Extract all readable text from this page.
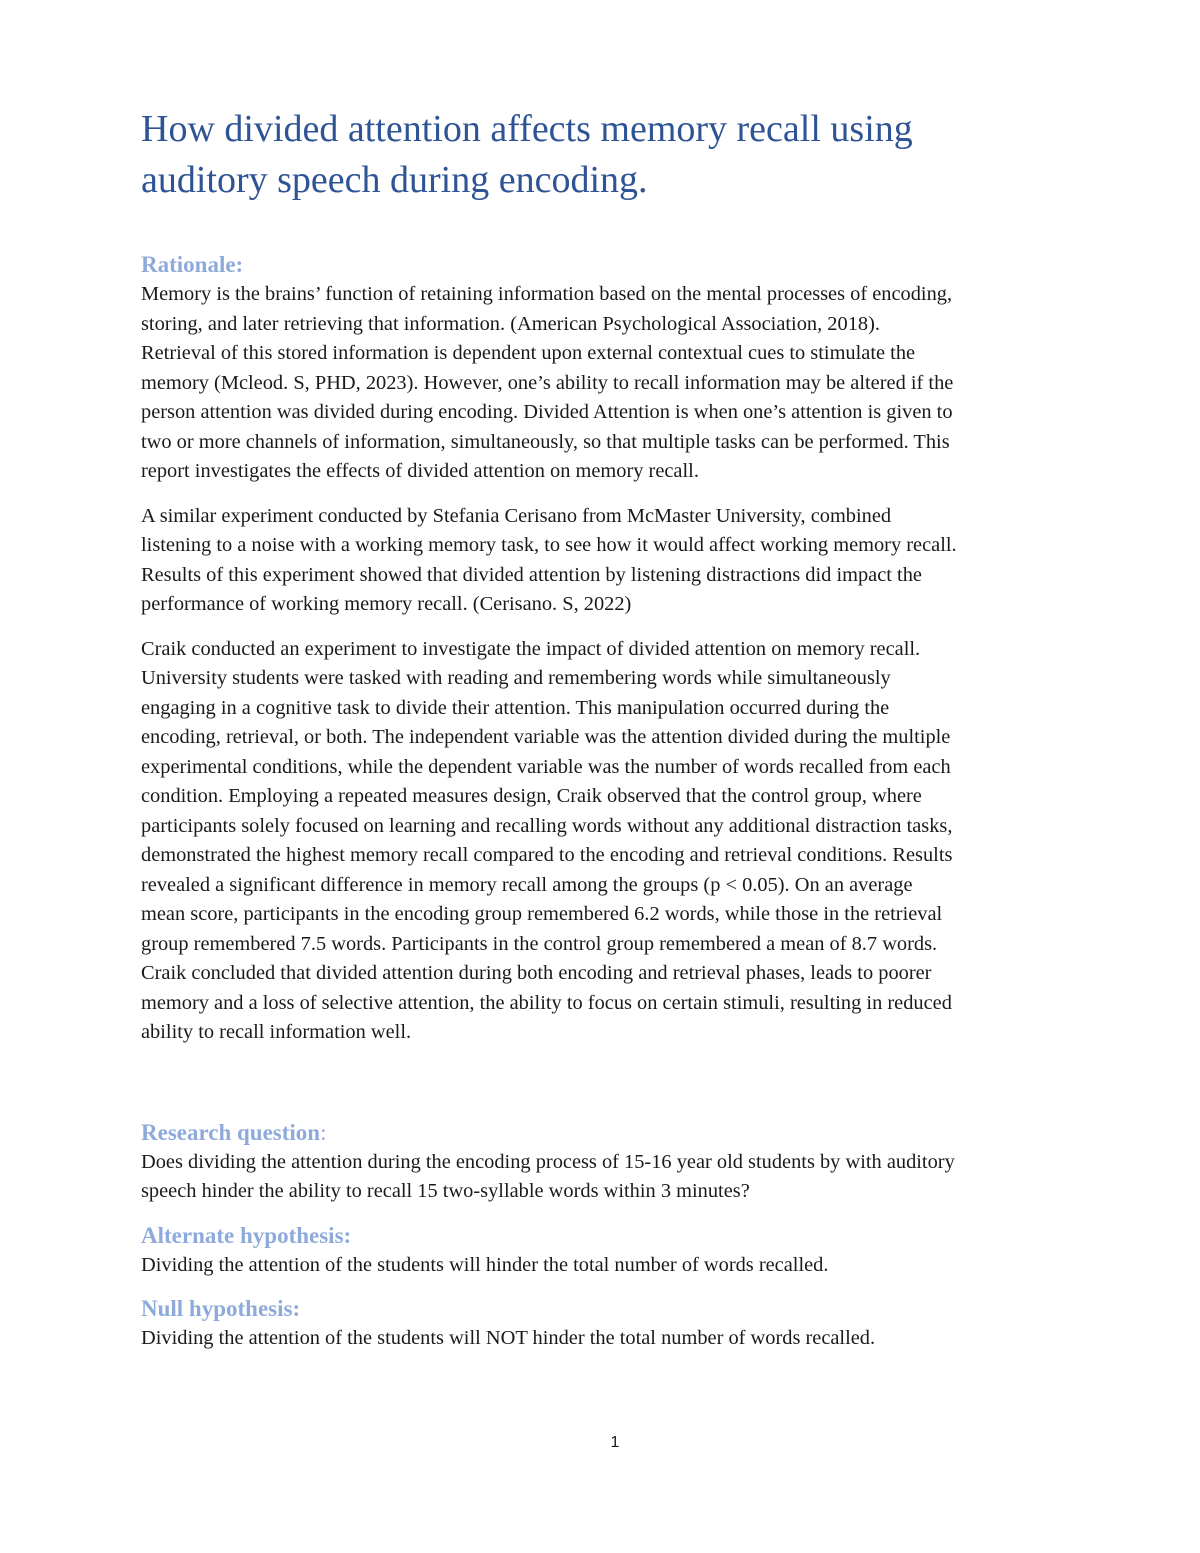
How divided attention affects memory recall using
auditory speech during encoding.
Rationale:
Memory is the brains’ function of retaining information based on the mental processes of encoding,
storing, and later retrieving that information. (American Psychological Association, 2018).
Retrieval of this stored information is dependent upon external contextual cues to stimulate the
memory (Mcleod. S, PHD, 2023). However, one’s ability to recall information may be altered if the
person attention was divided during encoding. Divided Attention is when one’s attention is given to
two or more channels of information, simultaneously, so that multiple tasks can be performed. This
report investigates the effects of divided attention on memory recall.
A similar experiment conducted by Stefania Cerisano from McMaster University, combined
listening to a noise with a working memory task, to see how it would affect working memory recall.
Results of this experiment showed that divided attention by listening distractions did impact the
performance of working memory recall. (Cerisano. S, 2022)
Craik conducted an experiment to investigate the impact of divided attention on memory recall.
University students were tasked with reading and remembering words while simultaneously
engaging in a cognitive task to divide their attention. This manipulation occurred during the
encoding, retrieval, or both. The independent variable was the attention divided during the multiple
experimental conditions, while the dependent variable was the number of words recalled from each
condition. Employing a repeated measures design, Craik observed that the control group, where
participants solely focused on learning and recalling words without any additional distraction tasks,
demonstrated the highest memory recall compared to the encoding and retrieval conditions. Results
revealed a significant difference in memory recall among the groups (p < 0.05). On an average
mean score, participants in the encoding group remembered 6.2 words, while those in the retrieval
group remembered 7.5 words. Participants in the control group remembered a mean of 8.7 words.
Craik concluded that divided attention during both encoding and retrieval phases, leads to poorer
memory and a loss of selective attention, the ability to focus on certain stimuli, resulting in reduced
ability to recall information well.
Research question:
Does dividing the attention during the encoding process of 15-16 year old students by with auditory
speech hinder the ability to recall 15 two-syllable words within 3 minutes?
Alternate hypothesis:
Dividing the attention of the students will hinder the total number of words recalled.
Null hypothesis:
Dividing the attention of the students will NOT hinder the total number of words recalled.
1
